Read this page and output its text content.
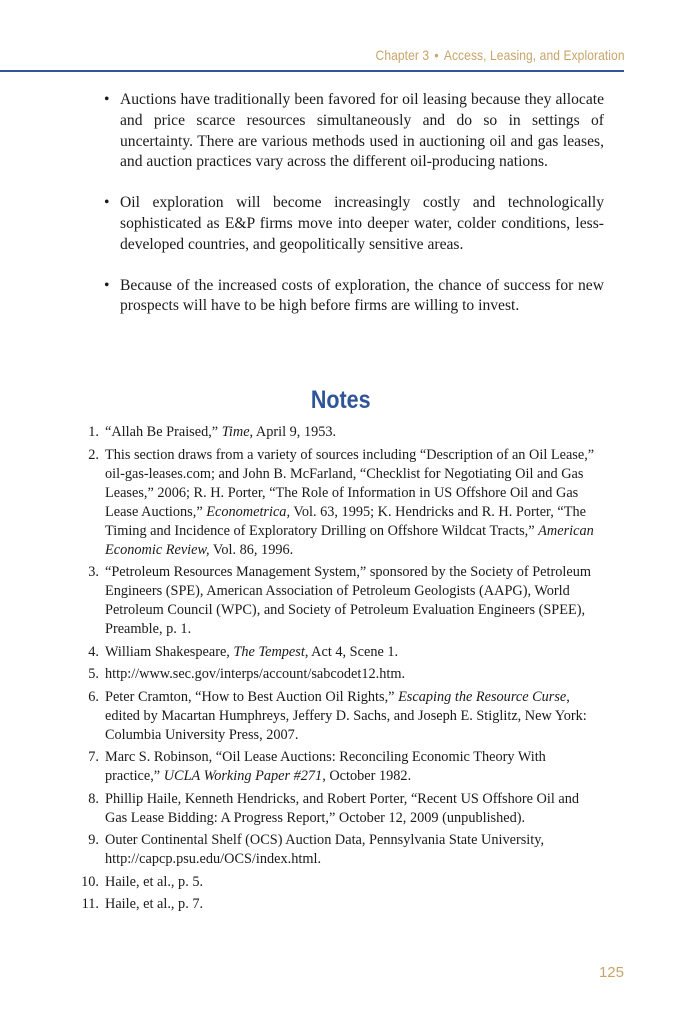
Chapter 3 • Access, Leasing, and Exploration
• Auctions have traditionally been favored for oil leasing because they allocate and price scarce resources simultaneously and do so in settings of uncertainty. There are various methods used in auctioning oil and gas leases, and auction practices vary across the different oil-producing nations.
• Oil exploration will become increasingly costly and technologically sophisticated as E&P firms move into deeper water, colder conditions, less-developed countries, and geopolitically sensitive areas.
• Because of the increased costs of exploration, the chance of success for new prospects will have to be high before firms are willing to invest.
Notes
1. “Allah Be Praised,” Time, April 9, 1953.
2. This section draws from a variety of sources including “Description of an Oil Lease,” oil-gas-leases.com; and John B. McFarland, “Checklist for Negotiating Oil and Gas Leases,” 2006; R. H. Porter, “The Role of Information in US Offshore Oil and Gas Lease Auctions,” Econometrica, Vol. 63, 1995; K. Hendricks and R. H. Porter, “The Timing and Incidence of Exploratory Drilling on Offshore Wildcat Tracts,” American Economic Review, Vol. 86, 1996.
3. “Petroleum Resources Management System,” sponsored by the Society of Petroleum Engineers (SPE), American Association of Petroleum Geologists (AAPG), World Petroleum Council (WPC), and Society of Petroleum Evaluation Engineers (SPEE), Preamble, p. 1.
4. William Shakespeare, The Tempest, Act 4, Scene 1.
5. http://www.sec.gov/interps/account/sabcodet12.htm.
6. Peter Cramton, “How to Best Auction Oil Rights,” Escaping the Resource Curse, edited by Macartan Humphreys, Jeffery D. Sachs, and Joseph E. Stiglitz, New York: Columbia University Press, 2007.
7. Marc S. Robinson, “Oil Lease Auctions: Reconciling Economic Theory With practice,” UCLA Working Paper #271, October 1982.
8. Phillip Haile, Kenneth Hendricks, and Robert Porter, “Recent US Offshore Oil and Gas Lease Bidding: A Progress Report,” October 12, 2009 (unpublished).
9. Outer Continental Shelf (OCS) Auction Data, Pennsylvania State University, http://capcp.psu.edu/OCS/index.html.
10. Haile, et al., p. 5.
11. Haile, et al., p. 7.
125
